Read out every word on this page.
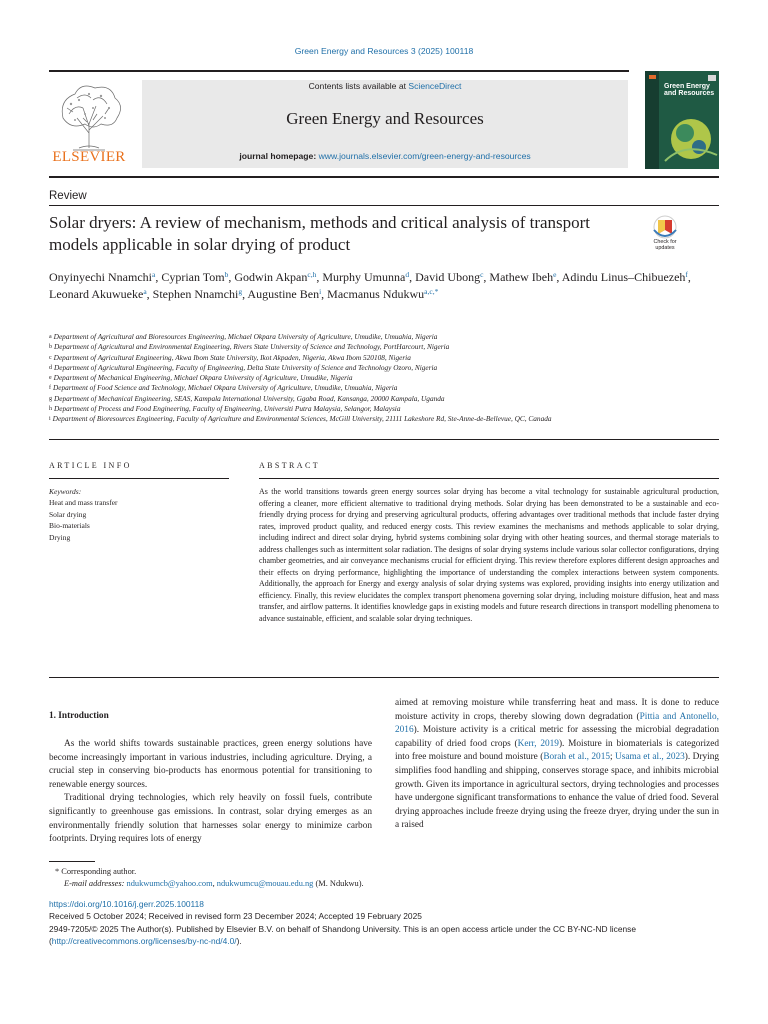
Green Energy and Resources 3 (2025) 100118
ELSEVIER
Contents lists available at ScienceDirect
Green Energy and Resources
journal homepage: www.journals.elsevier.com/green-energy-and-resources
Green Energy and Resources
Review
Solar dryers: A review of mechanism, methods and critical analysis of transport models applicable in solar drying of product	Check for updates
Onyinyechi Nnamchi$^a$, Cyprian Tom$^b$, Godwin Akpan$^{c,h}$, Murphy Umunna$^d$, David Ubong$^c$, Mathew Ibeh$^e$, Adindu Linus–Chibuezeh$^f$, Leonard Akuwueke$^a$, Stephen Nnamchi$^g$, Augustine Ben$^i$, Macmanus Ndukwu$^{a,c,*}$
$^a$ Department of Agricultural and Bioresources Engineering, Michael Okpara University of Agriculture, Umudike, Umuahia, Nigeria
$^b$ Department of Agricultural and Environmental Engineering, Rivers State University of Science and Technology, PortHarcourt, Nigeria
$^c$ Department of Agricultural Engineering, Akwa Ibom State University, Ikot Akpaden, Nigeria, Akwa Ibom 520108, Nigeria
$^d$ Department of Agricultural Engineering, Faculty of Engineering, Delta State University of Science and Technology Ozoro, Nigeria
$^e$ Department of Mechanical Engineering, Michael Okpara University of Agriculture, Umudike, Nigeria
$^f$ Department of Food Science and Technology, Michael Okpara University of Agriculture, Umudike, Umuahia, Nigeria
$^g$ Department of Mechanical Engineering, SEAS, Kampala International University, Ggaba Road, Kansanga, 20000 Kampala, Uganda
$^h$ Department of Process and Food Engineering, Faculty of Engineering, Universiti Putra Malaysia, Selangor, Malaysia
$^i$ Department of Bioresources Engineering, Faculty of Agriculture and Environmental Sciences, McGill University, 21111 Lakeshore Rd, Ste-Anne-de-Bellevue, QC, Canada
ARTICLE INFO	ABSTRACT
Keywords:
Heat and mass transfer
Solar drying
Bio-materials
Drying
As the world transitions towards green energy sources solar drying has become a vital technology for sustainable agricultural production, offering a cleaner, more efficient alternative to traditional drying methods. Solar drying has been demonstrated to be a sustainable and eco-friendly drying process for drying and preserving agricultural products, offering advantages over traditional methods that include faster drying rates, improved product quality, and reduced energy costs. This review examines the mechanisms and methods applicable to solar drying, including indirect and direct solar drying, hybrid systems combining solar drying with other heating sources, and thermal storage materials to address challenges such as intermittent solar radiation. The designs of solar drying systems include various solar collector configurations, drying chamber geometries, and air conveyance mechanisms crucial for efficient drying. This review therefore explores different design approaches and their effects on drying performance, highlighting the importance of understanding the complex interactions between system components. Additionally, the approach for Energy and exergy analysis of solar drying systems was explored, providing insights into energy utilization and efficiency. Finally, this review elucidates the complex transport phenomena governing solar drying, including moisture diffusion, heat and mass transfer, and airflow patterns. It identifies knowledge gaps in existing models and future research directions in transport modelling phenomena to advance sustainable, efficient, and scalable solar drying techniques.
1. Introduction

As the world shifts towards sustainable practices, green energy solutions have become increasingly important in various industries, including agriculture. Drying, a crucial step in conserving bio-products has enormous potential for transitioning to renewable energy sources.

Traditional drying technologies, which rely heavily on fossil fuels, contribute significantly to greenhouse gas emissions. In contrast, solar drying emerges as an environmentally friendly solution that harnesses solar energy to minimize carbon footprints. Drying requires lots of energy

aimed at removing moisture while transferring heat and mass. It is done to reduce moisture activity in crops, thereby slowing down degradation (Pittia and Antonello, 2016). Moisture activity is a critical metric for assessing the microbial degradation capability of dried food crops (Kerr, 2019). Moisture in biomaterials is categorized into free moisture and bound moisture (Borah et al., 2015; Usama et al., 2023). Drying simplifies food handling and shipping, conserves storage space, and inhibits microbial growth. Given its importance in agricultural sectors, drying technologies and processes have undergone significant transformations to enhance the value of dried food. Several drying approaches include freeze drying using the freeze dryer, drying under the sun in a raised
* Corresponding author.
E-mail addresses: ndukwumcb@yahoo.com, ndukwumcu@mouau.edu.ng (M. Ndukwu).
https://doi.org/10.1016/j.gerr.2025.100118
Received 5 October 2024; Received in revised form 23 December 2024; Accepted 19 February 2025
2949-7205/© 2025 The Author(s). Published by Elsevier B.V. on behalf of Shandong University. This is an open access article under the CC BY-NC-ND license (http://creativecommons.org/licenses/by-nc-nd/4.0/).
